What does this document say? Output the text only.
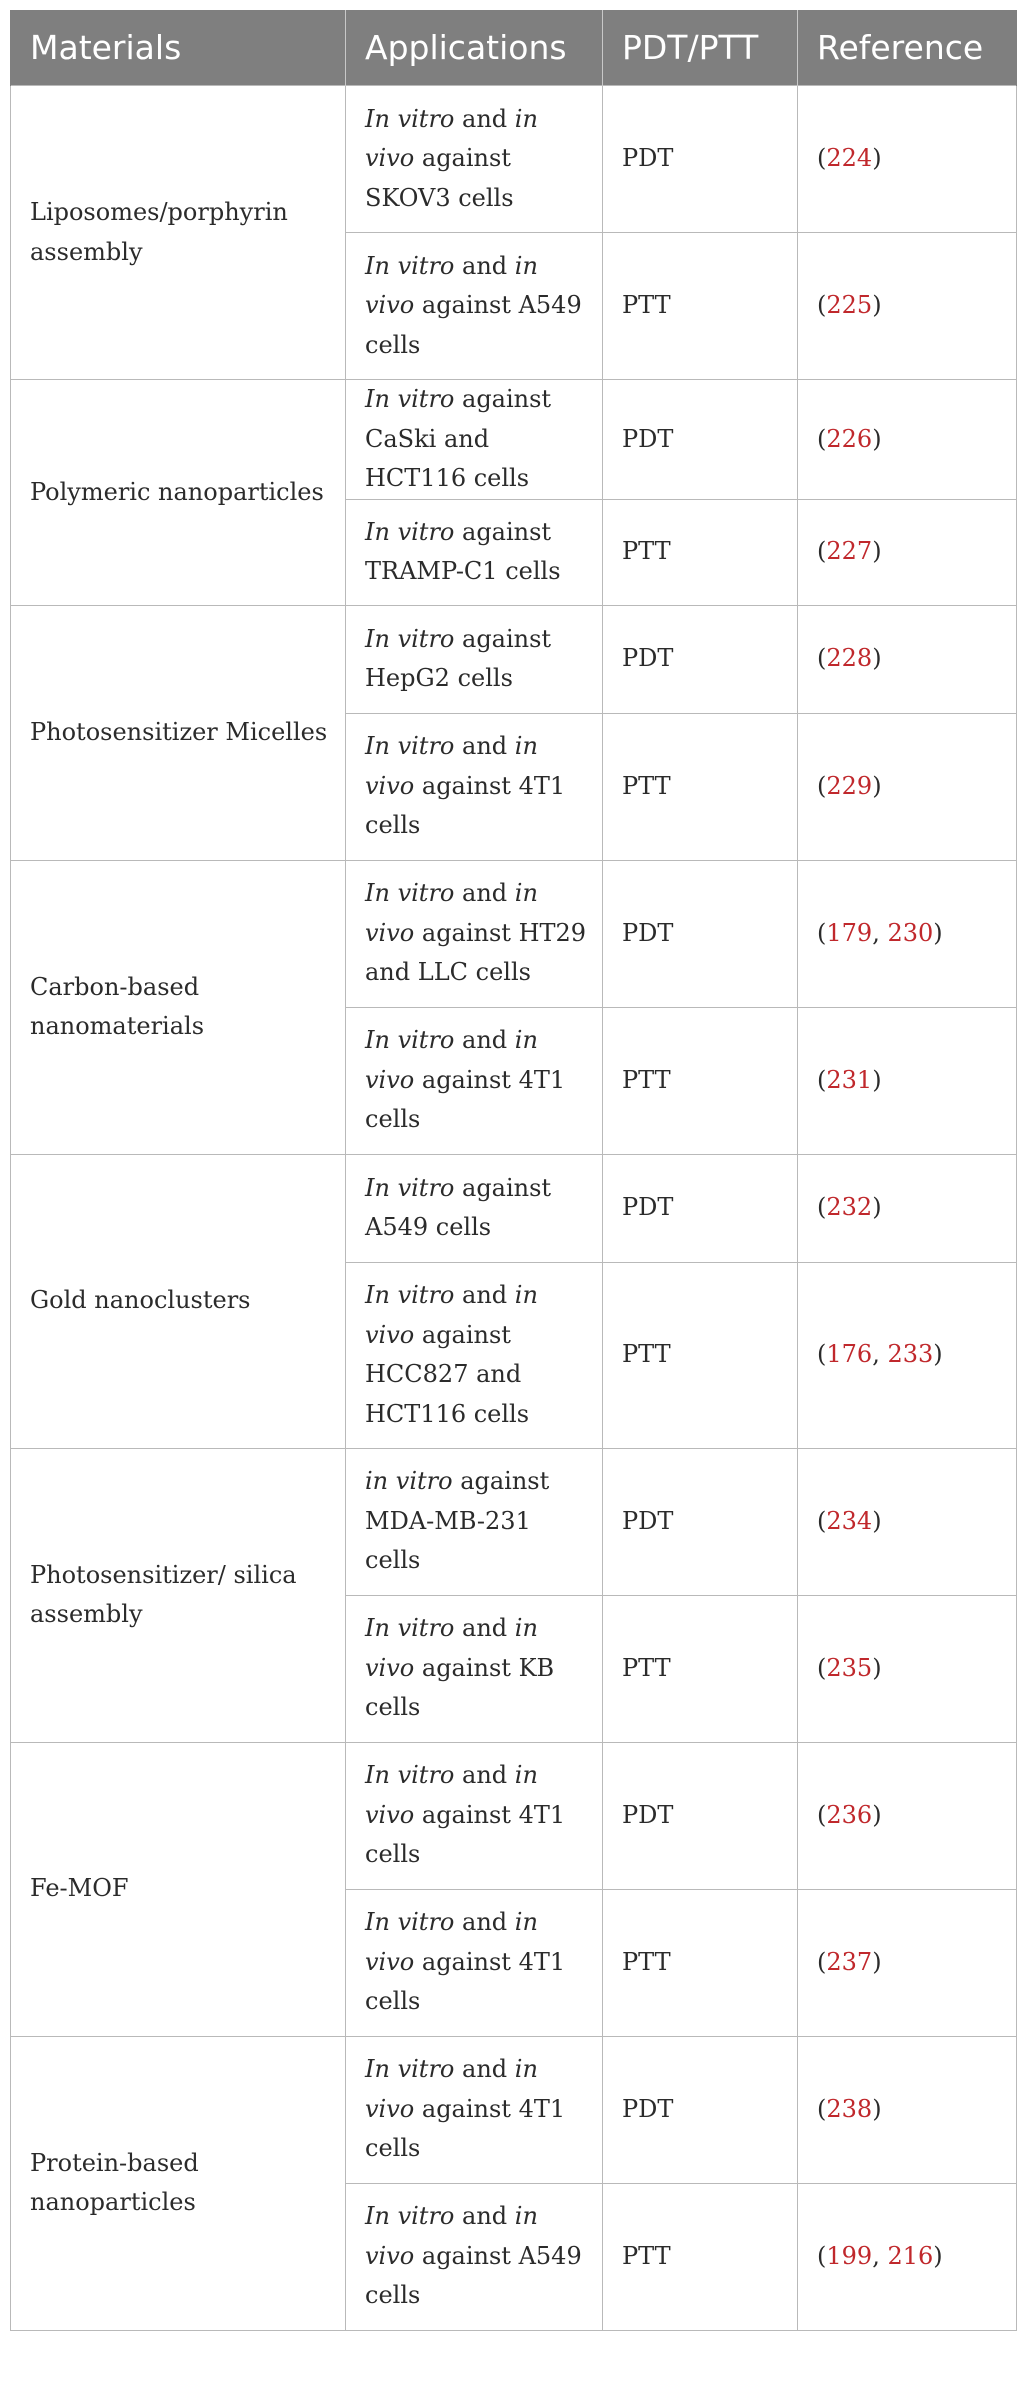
Materials	Applications	PDT/PTT	Reference
Liposomes/porphyrin assembly	In vitro and in vivo against SKOV3 cells	PDT	(224)
	In vitro and in vivo against A549 cells	PTT	(225)
Polymeric nanoparticles	In vitro against CaSki and HCT116 cells	PDT	(226)
	In vitro against TRAMP-C1 cells	PTT	(227)
Photosensitizer Micelles	In vitro against HepG2 cells	PDT	(228)
	In vitro and in vivo against 4T1 cells	PTT	(229)
Carbon-based nanomaterials	In vitro and in vivo against HT29 and LLC cells	PDT	(179, 230)
	In vitro and in vivo against 4T1 cells	PTT	(231)
Gold nanoclusters	In vitro against A549 cells	PDT	(232)
	In vitro and in vivo against HCC827 and HCT116 cells	PTT	(176, 233)
Photosensitizer/ silica assembly	in vitro against MDA-MB-231 cells	PDT	(234)
	In vitro and in vivo against KB cells	PTT	(235)
Fe-MOF	In vitro and in vivo against 4T1 cells	PDT	(236)
	In vitro and in vivo against 4T1 cells	PTT	(237)
Protein-based nanoparticles	In vitro and in vivo against 4T1 cells	PDT	(238)
	In vitro and in vivo against A549 cells	PTT	(199, 216)
